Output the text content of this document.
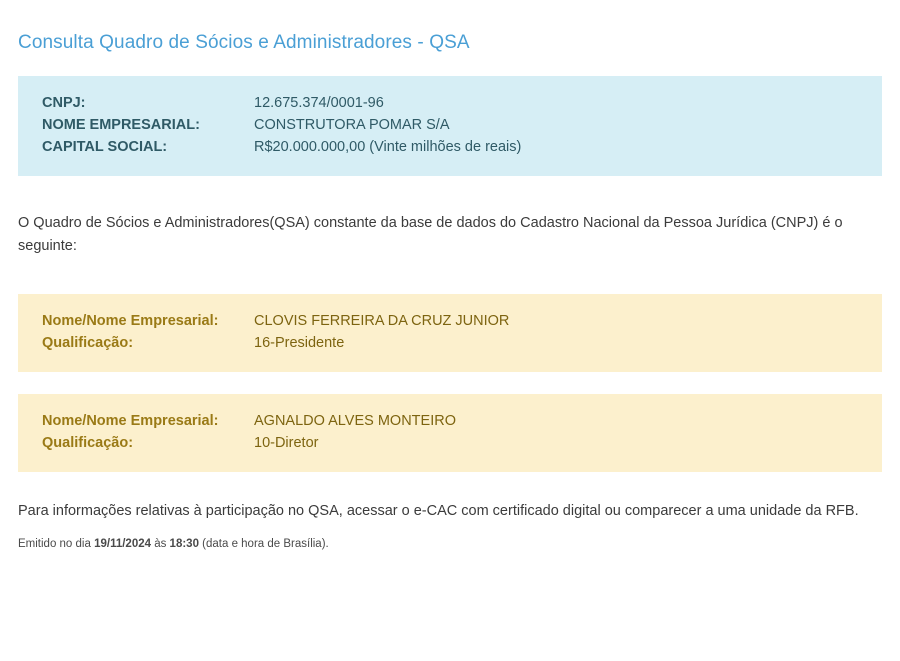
Consulta Quadro de Sócios e Administradores - QSA
CNPJ:	12.675.374/0001-96
NOME EMPRESARIAL:	CONSTRUTORA POMAR S/A
CAPITAL SOCIAL:	R$20.000.000,00 (Vinte milhões de reais)

O Quadro de Sócios e Administradores(QSA) constante da base de dados do Cadastro Nacional da Pessoa Jurídica (CNPJ) é o seguinte:

Nome/Nome Empresarial:	CLOVIS FERREIRA DA CRUZ JUNIOR
Qualificação:	16-Presidente
Nome/Nome Empresarial:	AGNALDO ALVES MONTEIRO
Qualificação:	10-Diretor

Para informações relativas à participação no QSA, acessar o e-CAC com certificado digital ou comparecer a uma unidade da RFB.

Emitido no dia 19/11/2024 às 18:30 (data e hora de Brasília).
